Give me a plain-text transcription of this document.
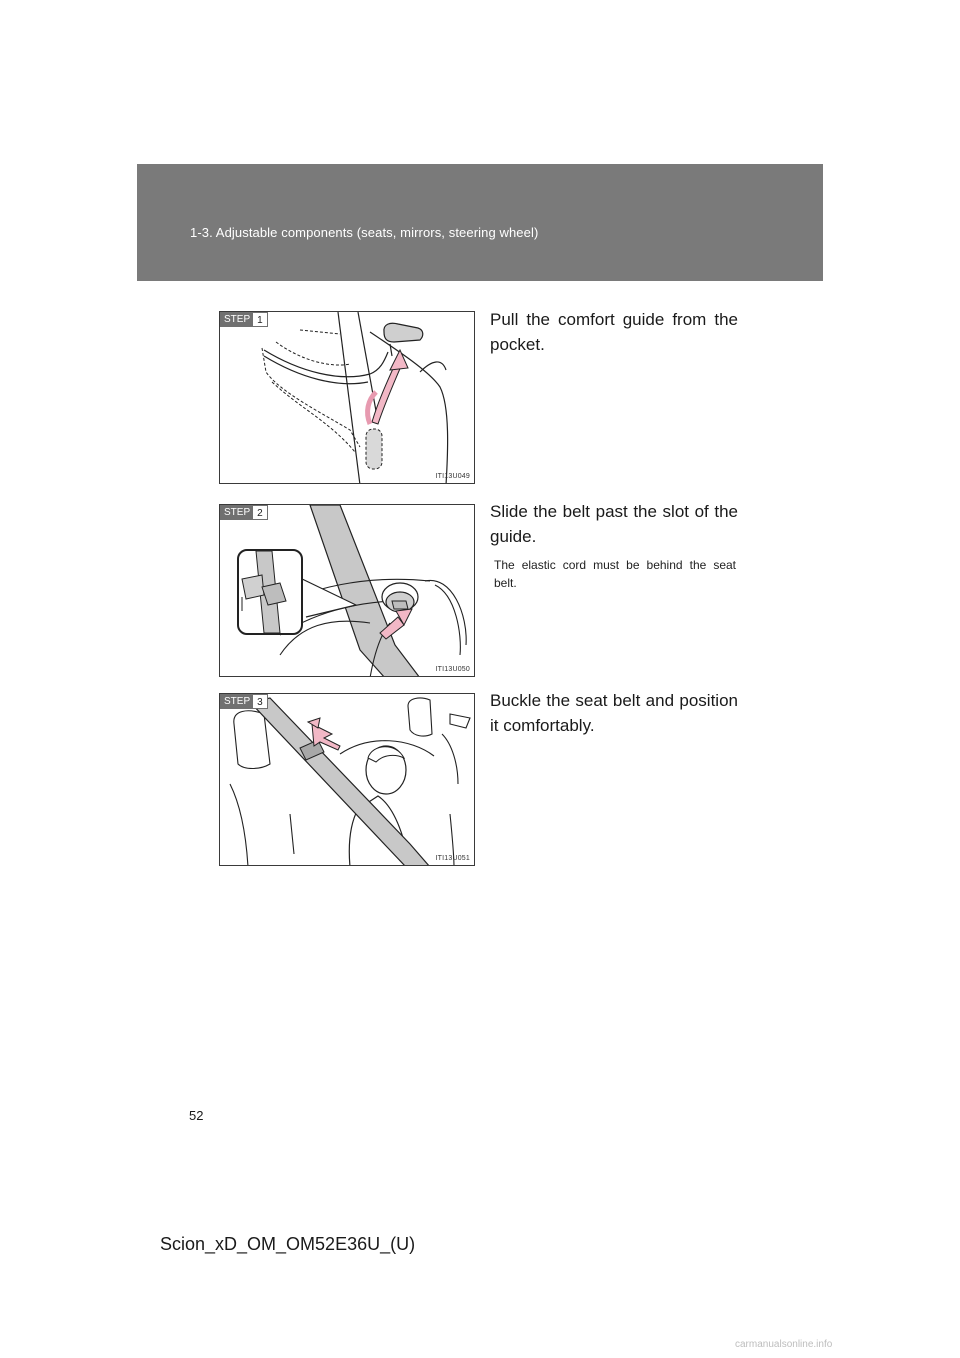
1-3. Adjustable components (seats, mirrors, steering wheel)
STEP 1
ITI13U049
Pull the comfort guide from the pocket.
STEP 2
ITI13U050
Slide the belt past the slot of the guide.
The elastic cord must be behind the seat belt.
STEP 3
ITI13U051
Buckle the seat belt and position it comfortably.
52
Scion_xD_OM_OM52E36U_(U)
carmanualsonline.info
